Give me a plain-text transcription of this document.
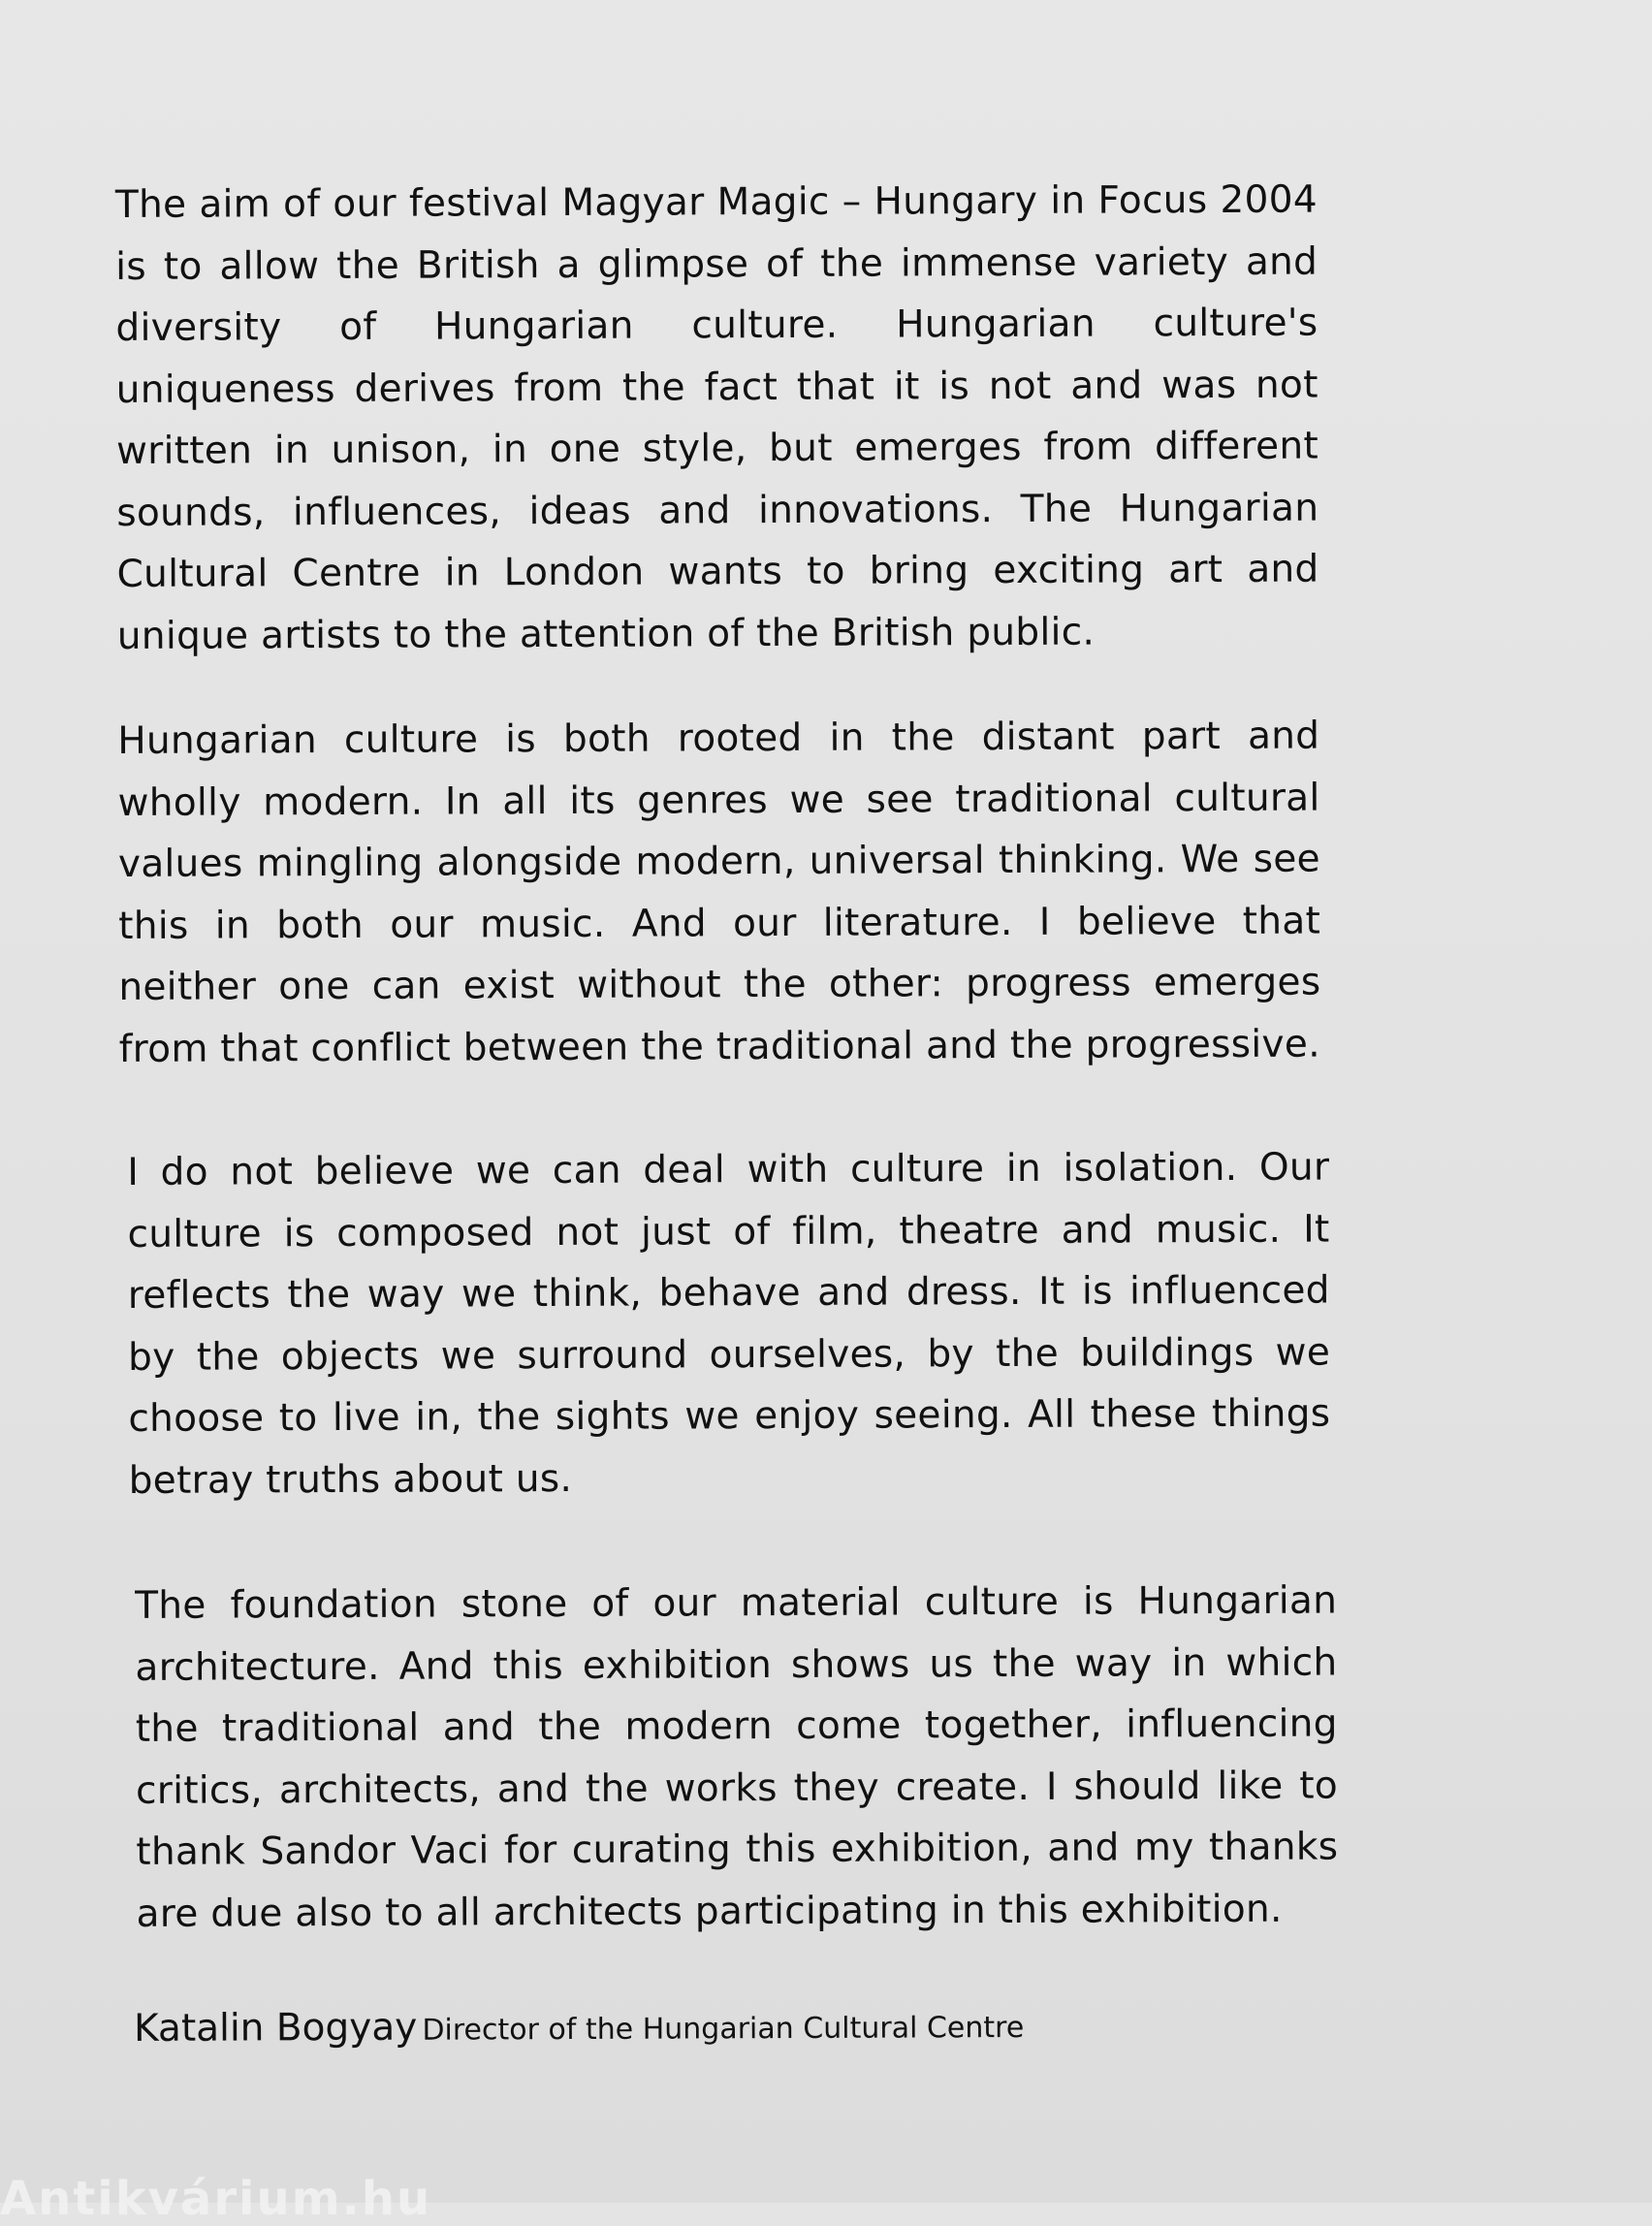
The aim of our festival Magyar Magic – Hungary in Focus 2004 is to allow the British a glimpse of the immense variety and diversity of Hungarian culture. Hungarian culture's uniqueness derives from the fact that it is not and was not written in unison, in one style, but emerges from different sounds, influences, ideas and innovations. The Hungarian Cultural Centre in London wants to bring exciting art and unique artists to the attention of the British public.

Hungarian culture is both rooted in the distant part and wholly modern. In all its genres we see traditional cultural values mingling alongside modern, universal thinking. We see this in both our music. And our literature. I believe that neither one can exist without the other: progress emerges from that conflict between the traditional and the progressive.

I do not believe we can deal with culture in isolation. Our culture is composed not just of film, theatre and music. It reflects the way we think, behave and dress. It is influenced by the objects we surround ourselves, by the buildings we choose to live in, the sights we enjoy seeing. All these things betray truths about us.

The foundation stone of our material culture is Hungarian architecture. And this exhibition shows us the way in which the traditional and the modern come together, influencing critics, architects, and the works they create. I should like to thank Sandor Vaci for curating this exhibition, and my thanks are due also to all architects participating in this exhibition.

Katalin Bogyay Director of the Hungarian Cultural Centre
Antikvárium.hu
